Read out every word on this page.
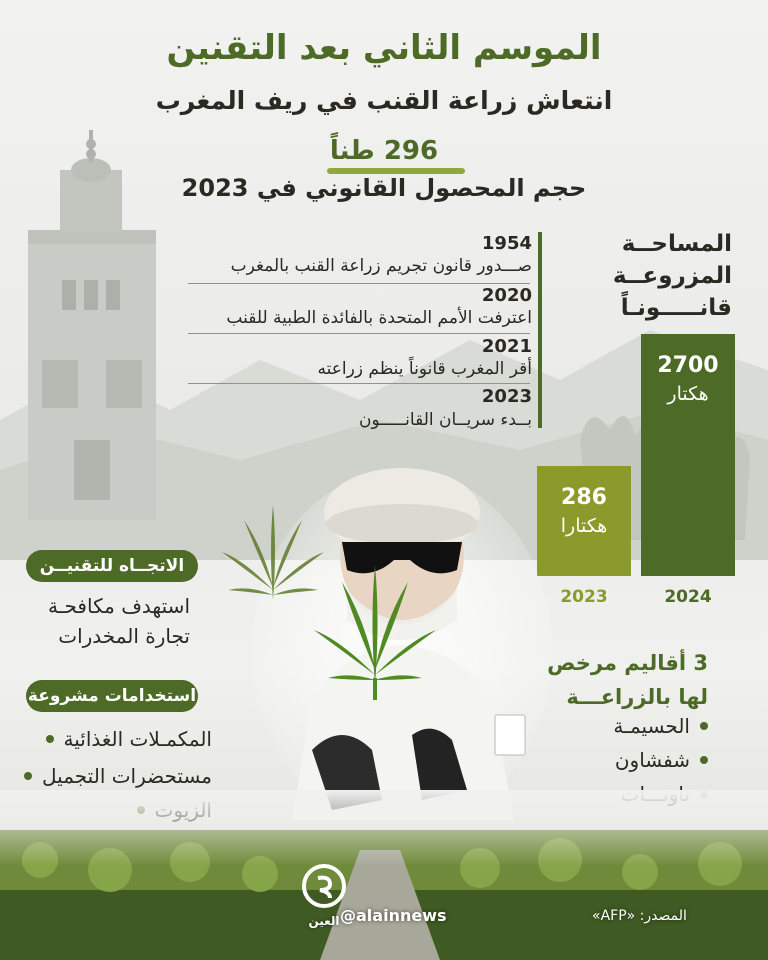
الموسم الثاني بعد التقنين
انتعاش زراعة القنب في ريف المغرب
296 طناً
حجم المحصول القانوني في 2023
1954
صـــدور قانون تجريم زراعة القنب بالمغرب
2020
اعترفت الأمم المتحدة بالفائدة الطبية للقنب
2021
أقر المغرب قانوناً ينظم زراعته
2023
بــدء سريــان القانـــــون
المساحــة
المزروعــة
قانـــــونـاً
286
هكتارا
2023
2700
هكتار
2024
الاتجــاه للتقنيــن
استهدف مكافحـة
تجارة المخدرات
استخدامات مشروعة
المكمـلات الغذائية
مستحضرات التجميل
3 أقاليم مرخص
لها بالزراعـــة
الحسيمـة
شفشاون
العين @alainnews	المصدر: «AFP»
